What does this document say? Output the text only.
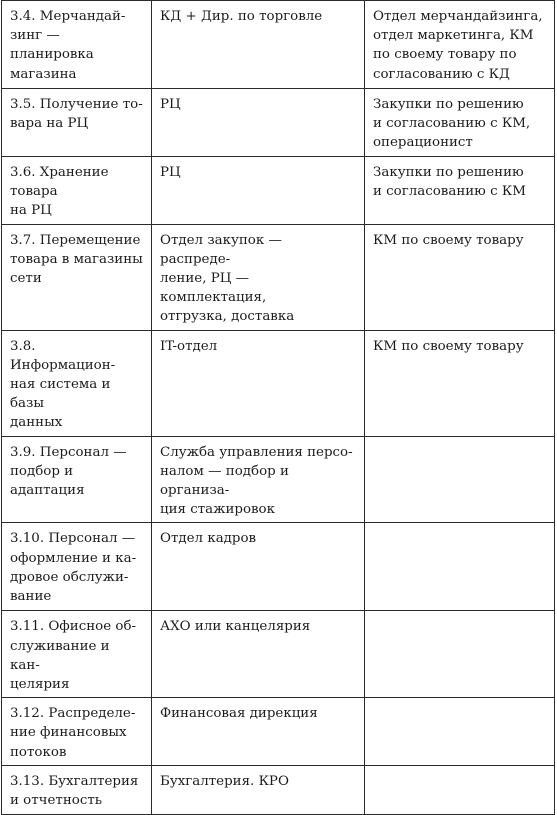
3.4. Мерчандай-
зинг — планировка
магазина	КД + Дир. по торговле	Отдел мерчандайзинга,
отдел маркетинга, КМ
по своему товару по
согласованию с КД
3.5. Получение то-
вара на РЦ	РЦ	Закупки по решению
и согласованию с КМ,
операционист
3.6. Хранение товара
на РЦ	РЦ	Закупки по решению
и согласованию с КМ
3.7. Перемещение
товара в магазины
сети	Отдел закупок — распреде-
ление, РЦ — комплектация,
отгрузка, доставка	КМ по своему товару
3.8. Информацион-
ная система и базы
данных	IT-отдел	КМ по своему товару
3.9. Персонал —
подбор и адаптация	Служба управления персо-
налом — подбор и организа-
ция стажировок	
3.10. Персонал —
оформление и ка-
дровое обслужи-
вание	Отдел кадров	
3.11. Офисное об-
служивание и кан-
целярия	АХО или канцелярия	
3.12. Распределе-
ние финансовых
потоков	Финансовая дирекция	
3.13. Бухгалтерия
и отчетность	Бухгалтерия. КРО	
